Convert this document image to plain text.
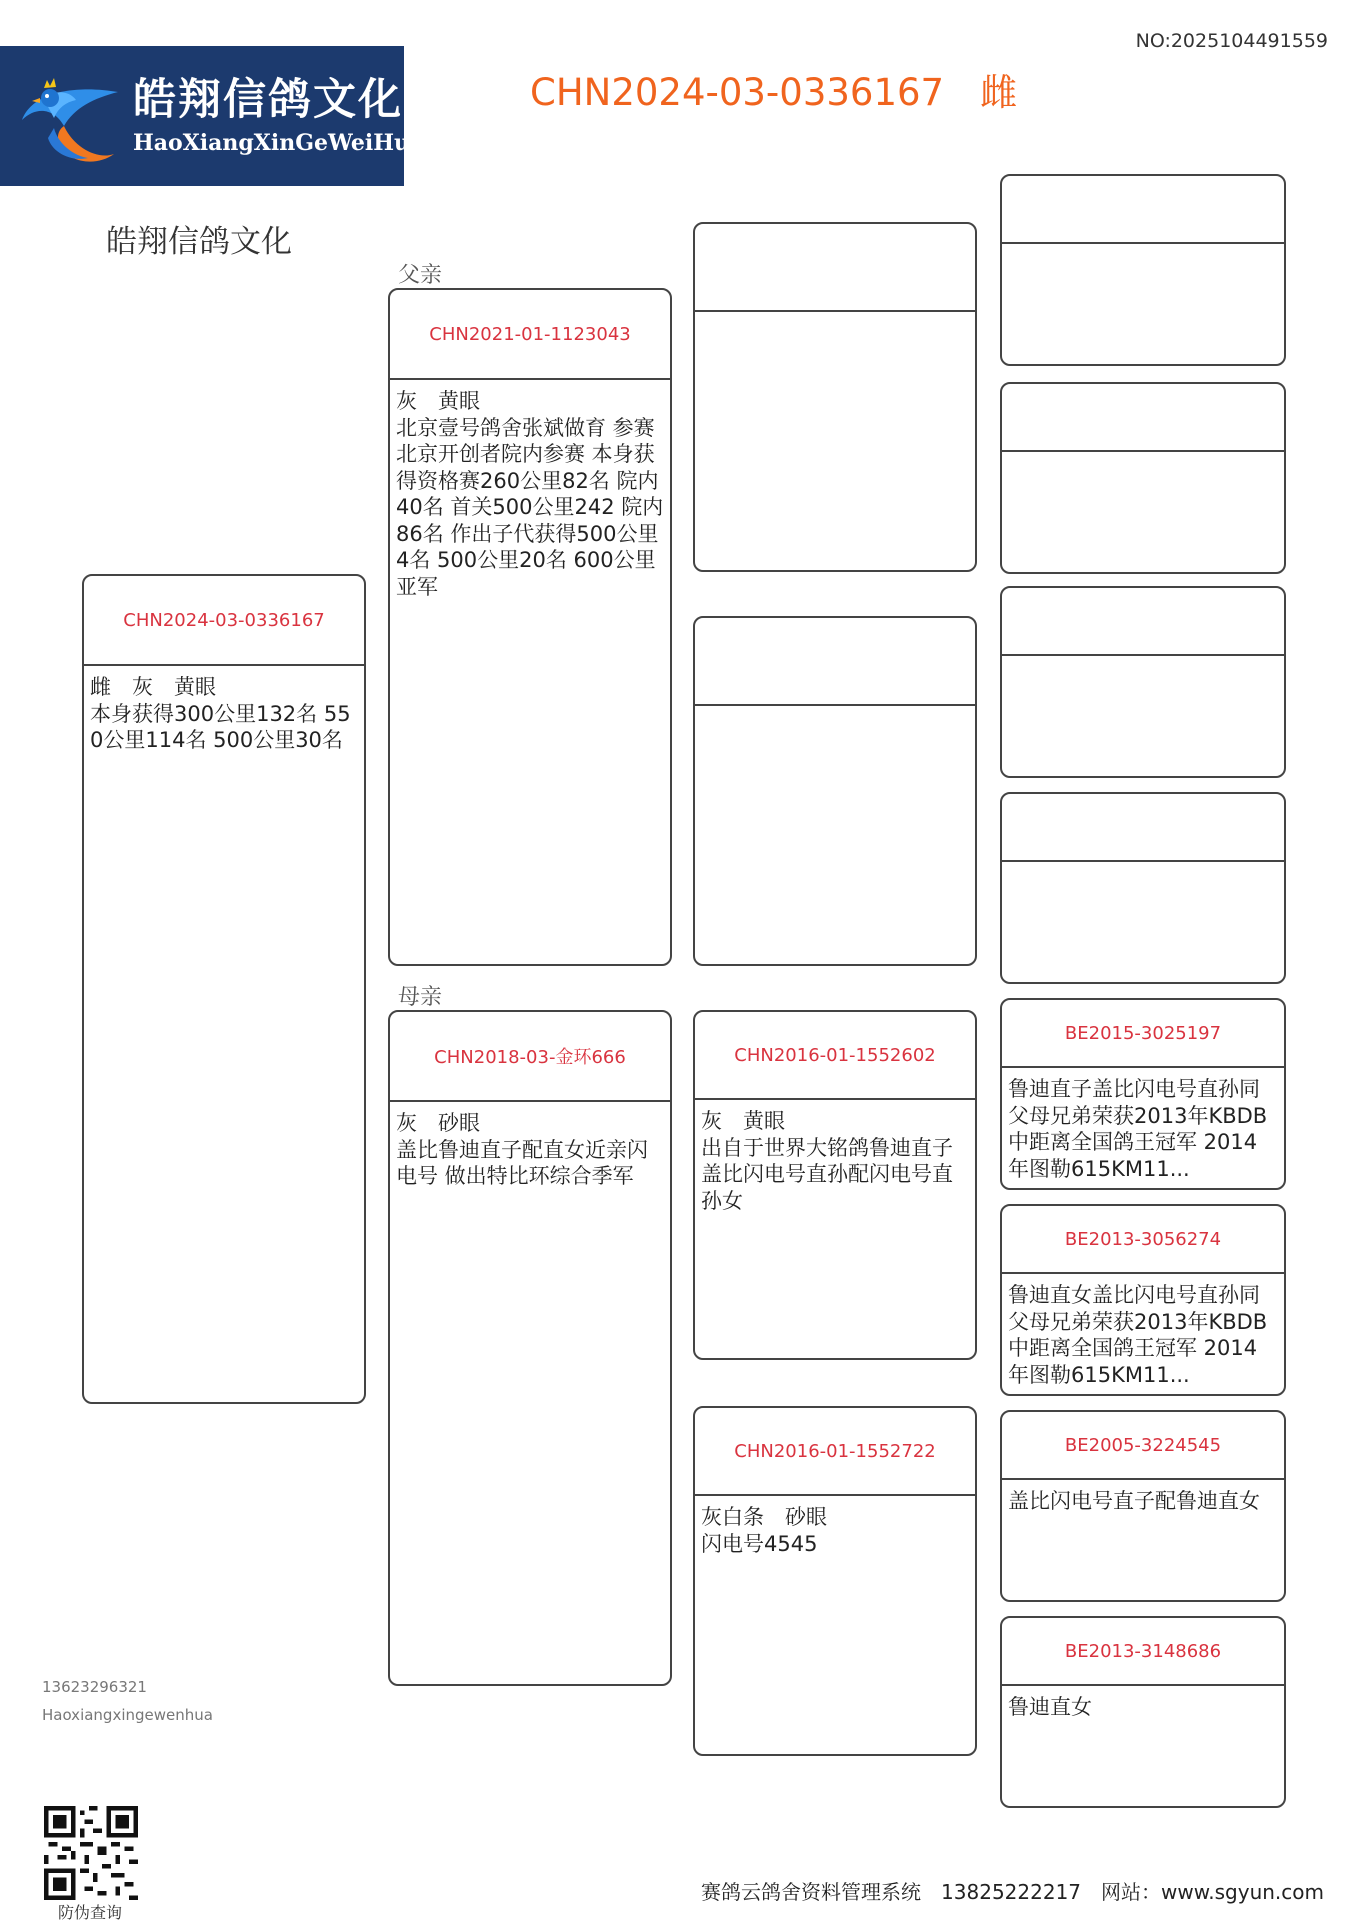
皓翔信鸽文化
HaoXiangXinGeWeiHua
NO:2025104491559
CHN2024-03-0336167 雌
皓翔信鸽文化
父亲
母亲
CHN2024-03-0336167
雌　灰　黄眼
本身获得300公里132名 550公里114名 500公里30名
CHN2021-01-1123043
灰　黄眼
北京壹号鸽舍张斌做育 参赛北京开创者院内参赛 本身获得资格赛260公里82名 院内40名 首关500公里242 院内86名 作出子代获得500公里4名 500公里20名 600公里亚军
CHN2018-03-金环666
灰　砂眼
盖比鲁迪直子配直女近亲闪电号 做出特比环综合季军
CHN2016-01-1552602
灰　黄眼
出自于世界大铭鸽鲁迪直子盖比闪电号直孙配闪电号直孙女
CHN2016-01-1552722
灰白条　砂眼
闪电号4545
BE2015-3025197
鲁迪直子盖比闪电号直孙同父母兄弟荣获2013年KBDB中距离全国鸽王冠军 2014年图勒615KM11...
BE2013-3056274
鲁迪直女盖比闪电号直孙同父母兄弟荣获2013年KBDB中距离全国鸽王冠军 2014年图勒615KM11...
BE2005-3224545
盖比闪电号直子配鲁迪直女
BE2013-3148686
鲁迪直女
13623296321
Haoxiangxingewenhua
防伪查询
赛鸽云鸽舍资料管理系统 13825222217 网站：www.sgyun.com
